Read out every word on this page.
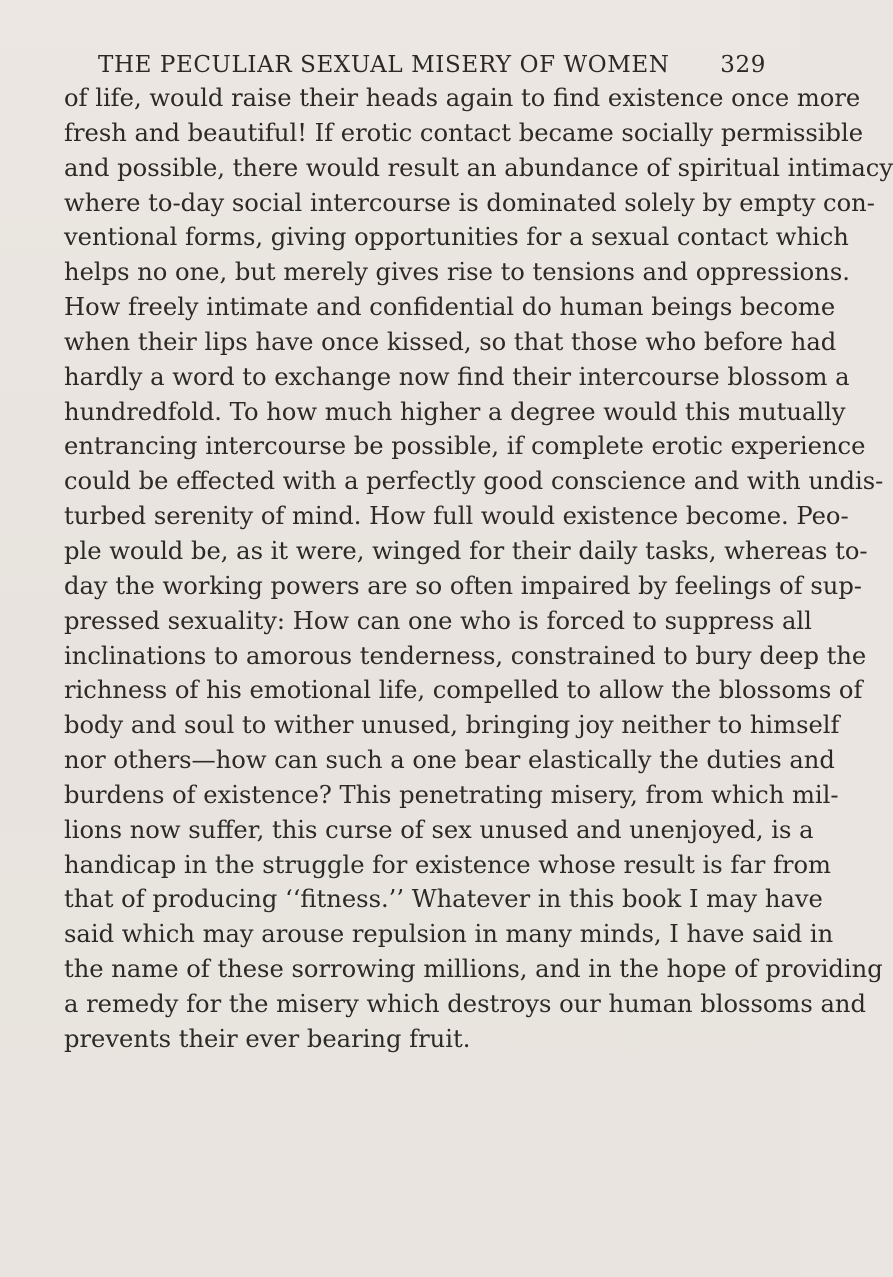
THE PECULIAR SEXUAL MISERY OF WOMEN 329
of life, would raise their heads again to find existence once more
fresh and beautiful! If erotic contact became socially permissible
and possible, there would result an abundance of spiritual intimacy
where to-day social intercourse is dominated solely by empty con-
ventional forms, giving opportunities for a sexual contact which
helps no one, but merely gives rise to tensions and oppressions.
How freely intimate and confidential do human beings become
when their lips have once kissed, so that those who before had
hardly a word to exchange now find their intercourse blossom a
hundredfold. To how much higher a degree would this mutually
entrancing intercourse be possible, if complete erotic experience
could be effected with a perfectly good conscience and with undis-
turbed serenity of mind. How full would existence become. Peo-
ple would be, as it were, winged for their daily tasks, whereas to-
day the working powers are so often impaired by feelings of sup-
pressed sexuality: How can one who is forced to suppress all
inclinations to amorous tenderness, constrained to bury deep the
richness of his emotional life, compelled to allow the blossoms of
body and soul to wither unused, bringing joy neither to himself
nor others—how can such a one bear elastically the duties and
burdens of existence? This penetrating misery, from which mil-
lions now suffer, this curse of sex unused and unenjoyed, is a
handicap in the struggle for existence whose result is far from
that of producing ‘‘fitness.’’ Whatever in this book I may have
said which may arouse repulsion in many minds, I have said in
the name of these sorrowing millions, and in the hope of providing
a remedy for the misery which destroys our human blossoms and
prevents their ever bearing fruit.
